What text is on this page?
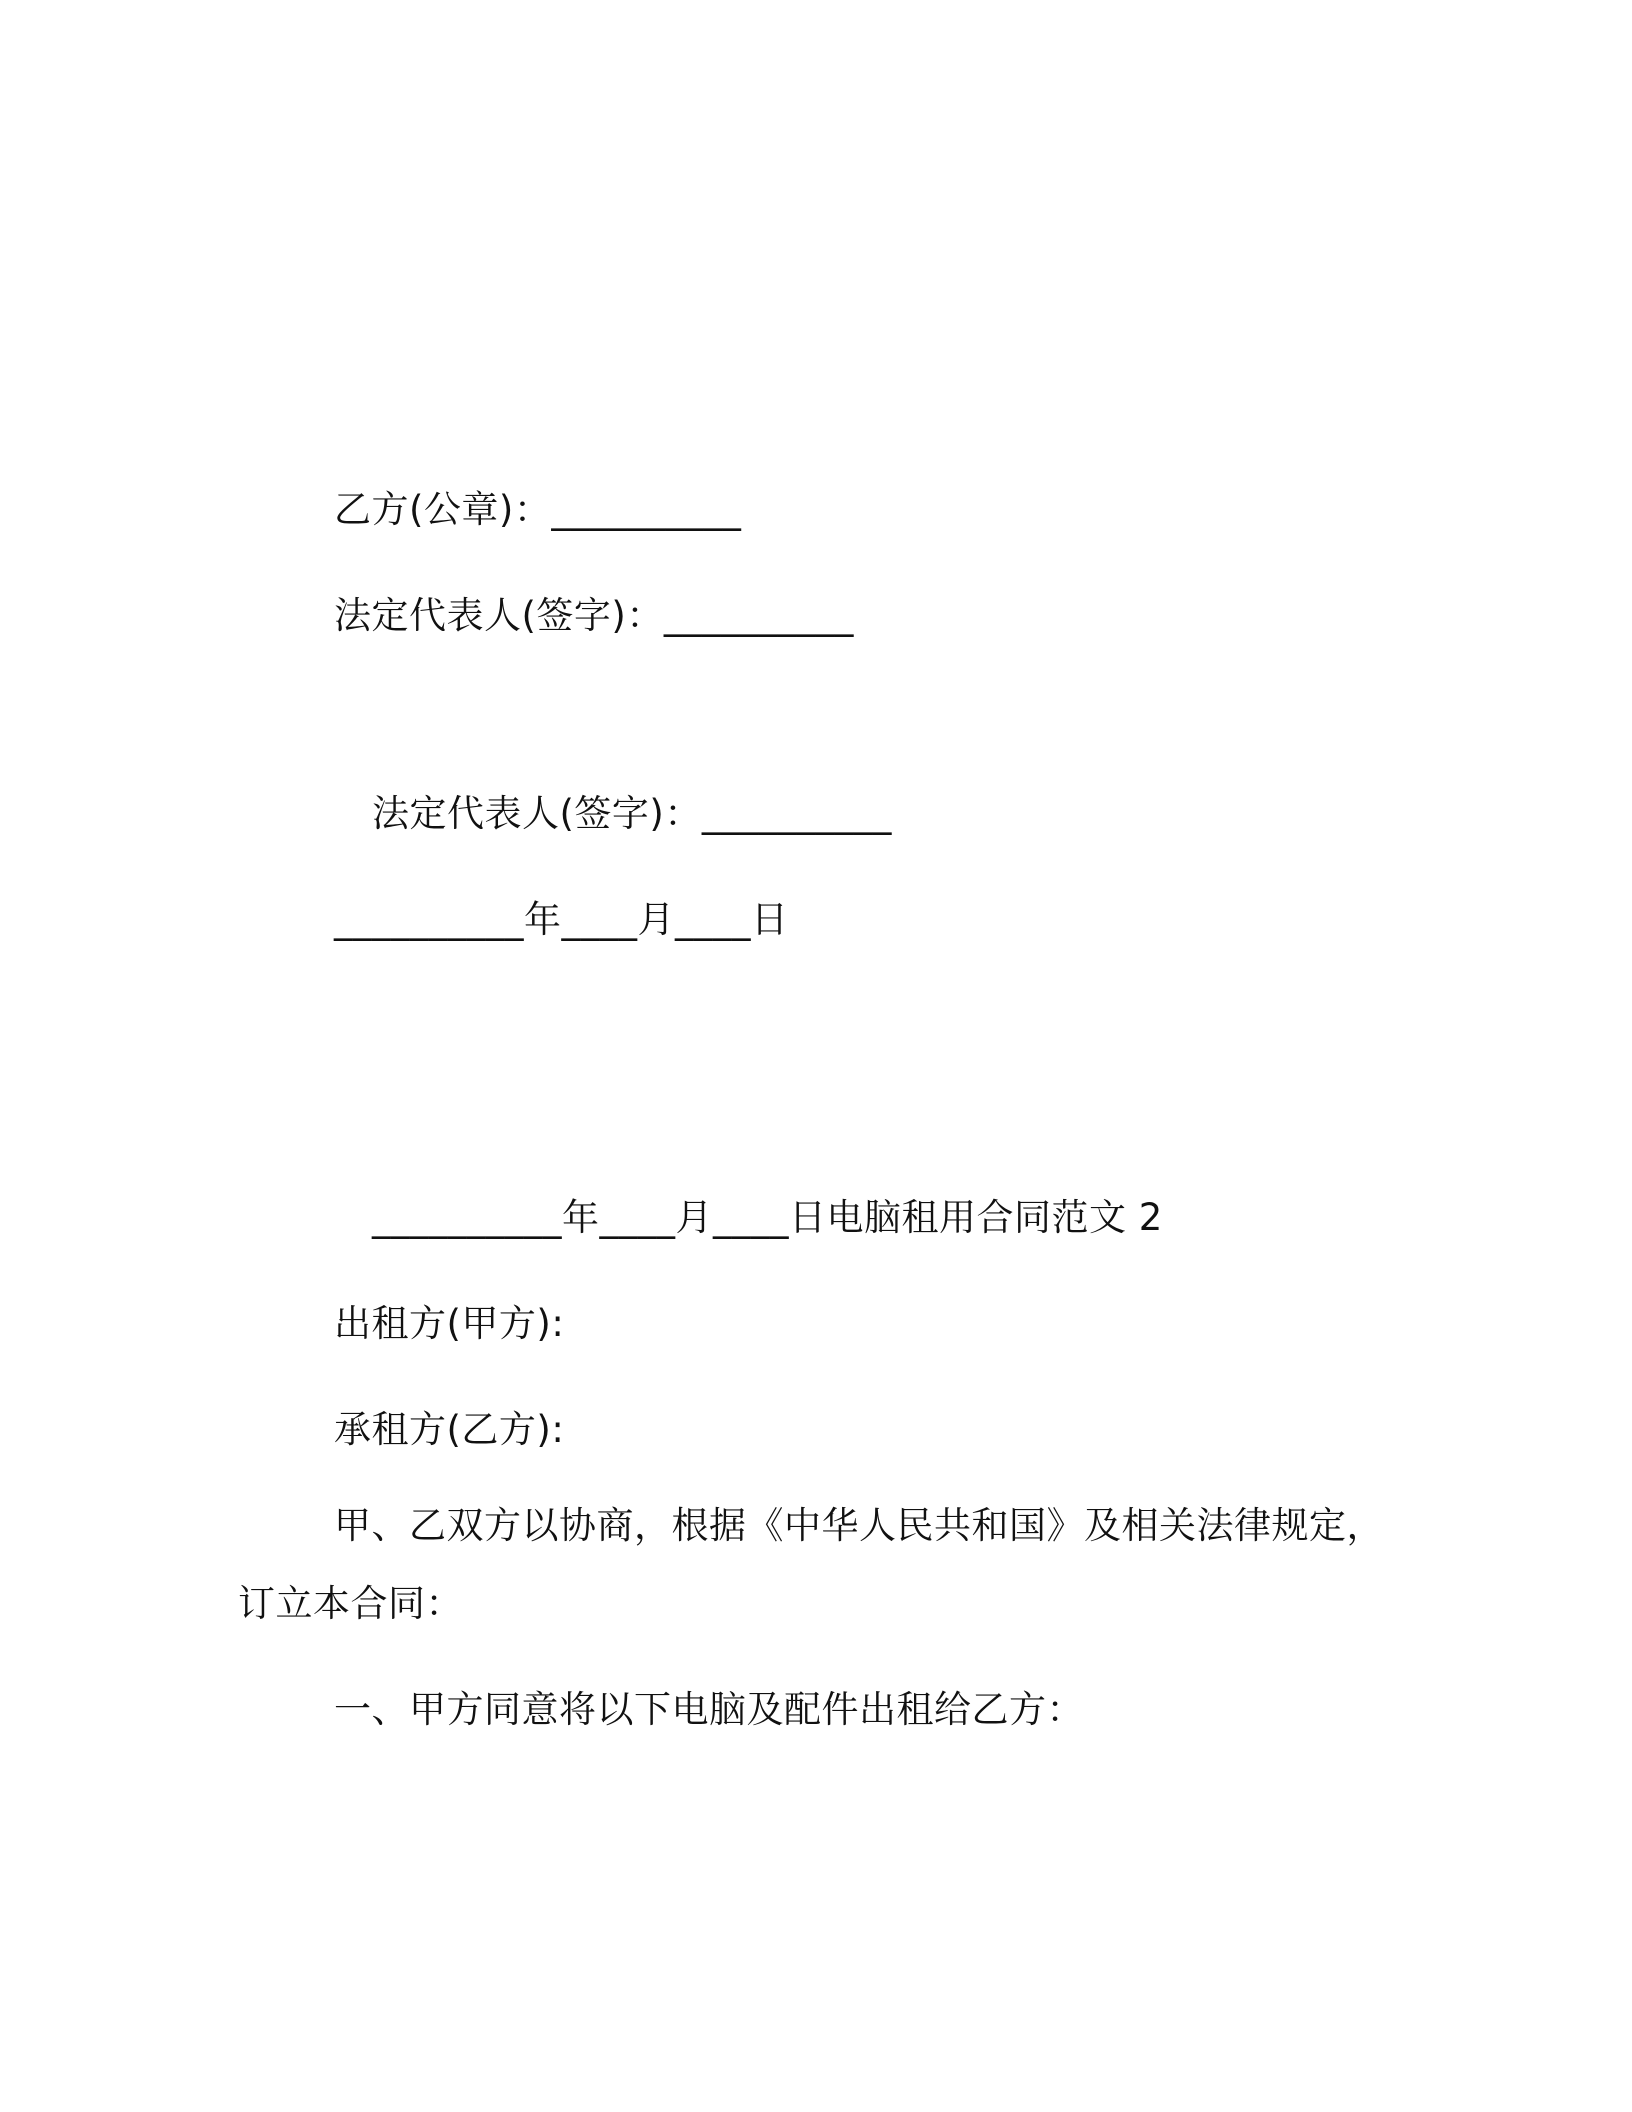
乙方(公章)：__________
法定代表人(签字)：__________
法定代表人(签字)：__________
__________年____月____日
__________年____月____日电脑租用合同范文 2
出租方(甲方):
承租方(乙方):
甲、乙双方以协商，根据《中华人民共和国》及相关法律规定，
订立本合同：
一、甲方同意将以下电脑及配件出租给乙方：
